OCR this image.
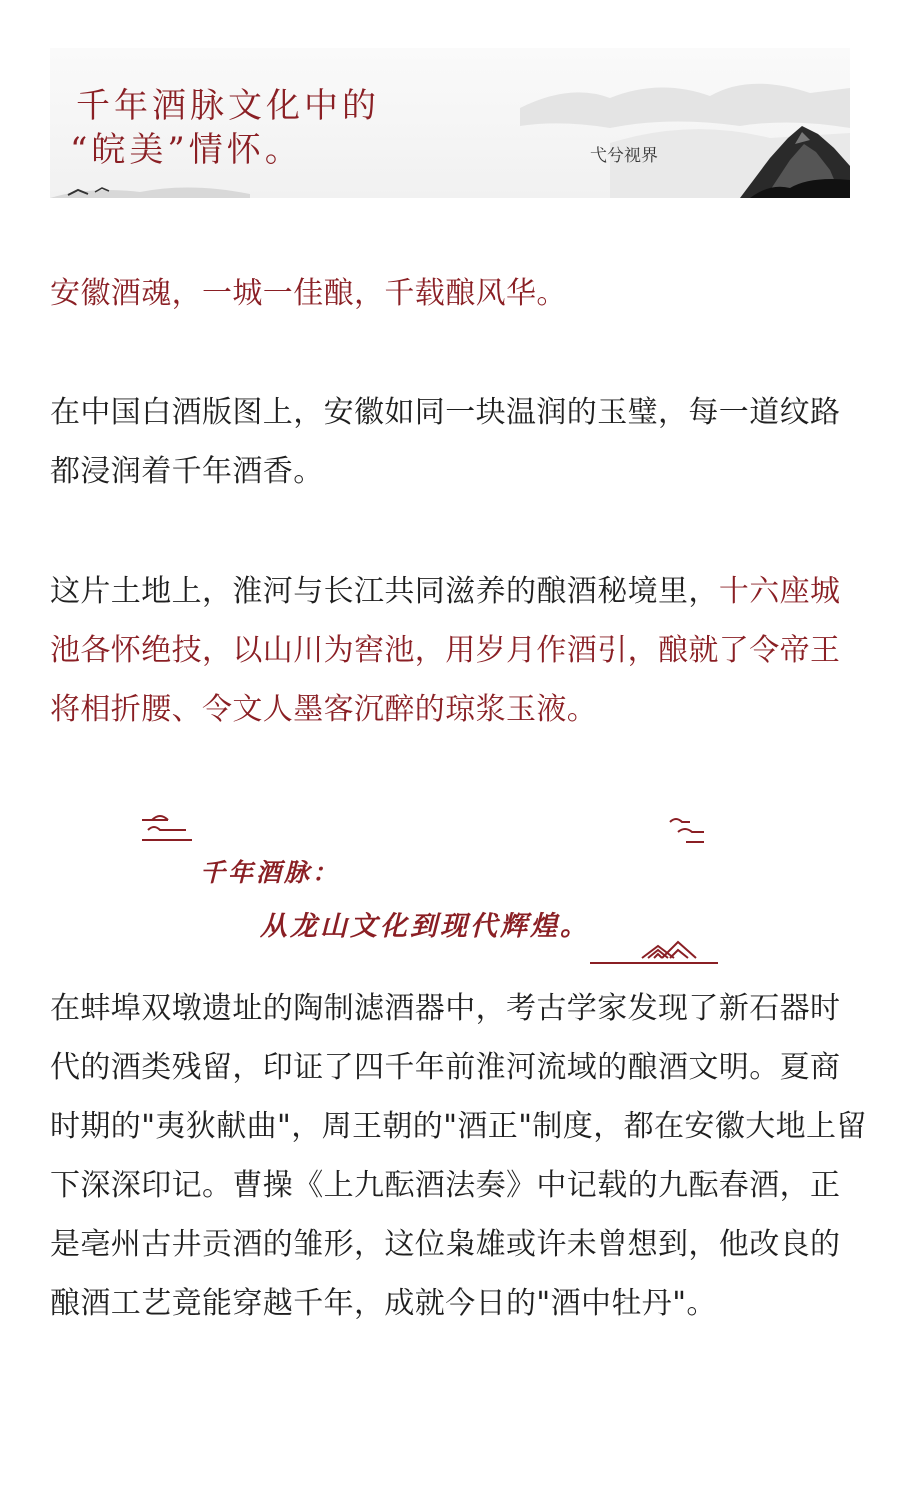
千年酒脉文化中的
“皖美”情怀。	弋兮视界

安徽酒魂，一城一佳酿，千载酿风华。

在中国白酒版图上，安徽如同一块温润的玉璧，每一道纹路都浸润着千年酒香。

这片土地上，淮河与长江共同滋养的酿酒秘境里，十六座城池各怀绝技，以山川为窖池，用岁月作酒引，酿就了令帝王将相折腰、令文人墨客沉醉的琼浆玉液。

千年酒脉：

从龙山文化到现代辉煌。

在蚌埠双墩遗址的陶制滤酒器中，考古学家发现了新石器时代的酒类残留，印证了四千年前淮河流域的酿酒文明。夏商时期的"夷狄献曲"，周王朝的"酒正"制度，都在安徽大地上留下深深印记。曹操《上九酝酒法奏》中记载的九酝春酒，正是亳州古井贡酒的雏形，这位枭雄或许未曾想到，他改良的酿酒工艺竟能穿越千年，成就今日的"酒中牡丹"。
